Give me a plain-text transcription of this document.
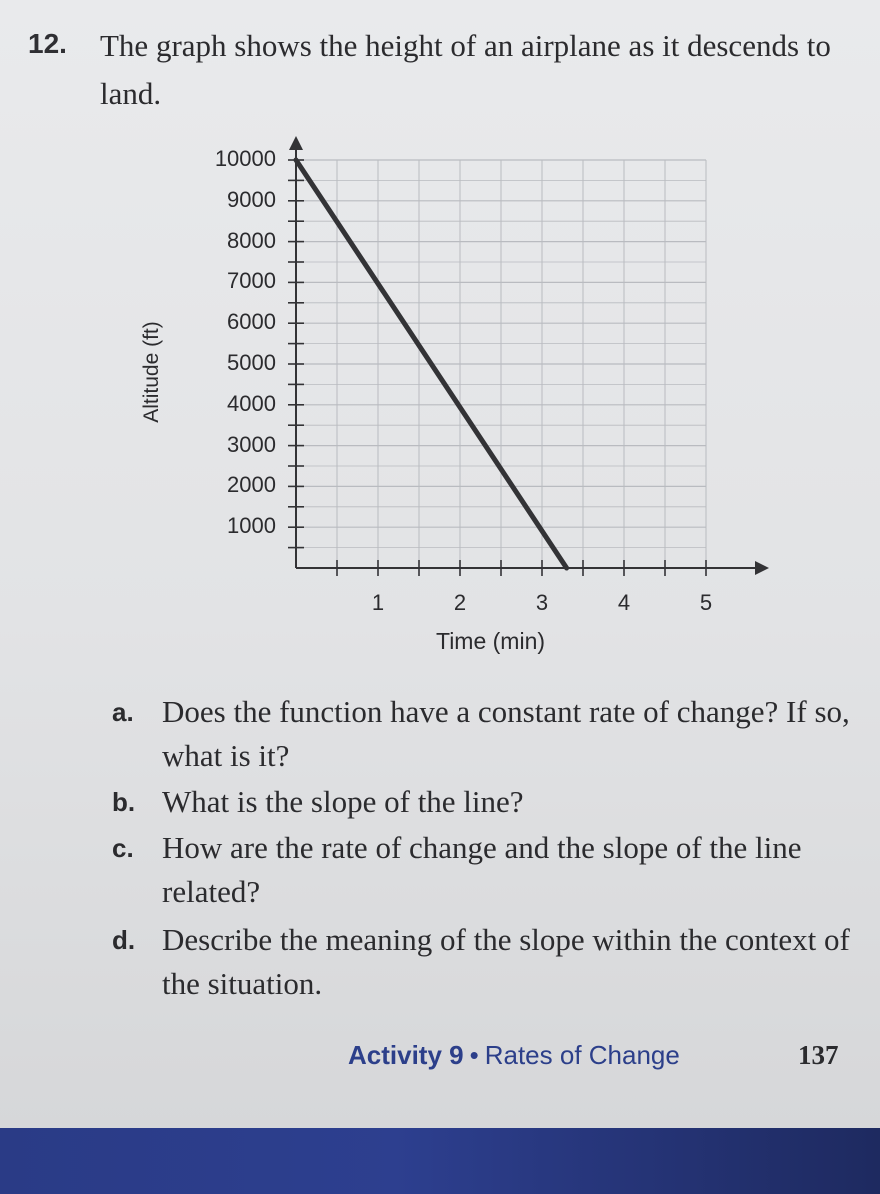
12. The graph shows the height of an airplane as it descends to land.
Altitude (ft)
10000
9000
8000
7000
6000
5000
4000
3000
2000
1000
1	2	3	4	5
Time (min)
a. Does the function have a constant rate of change? If so, what is it?
b. What is the slope of the line?
c. How are the rate of change and the slope of the line related?
d. Describe the meaning of the slope within the context of the situation.
Activity 9 • Rates of Change	137
